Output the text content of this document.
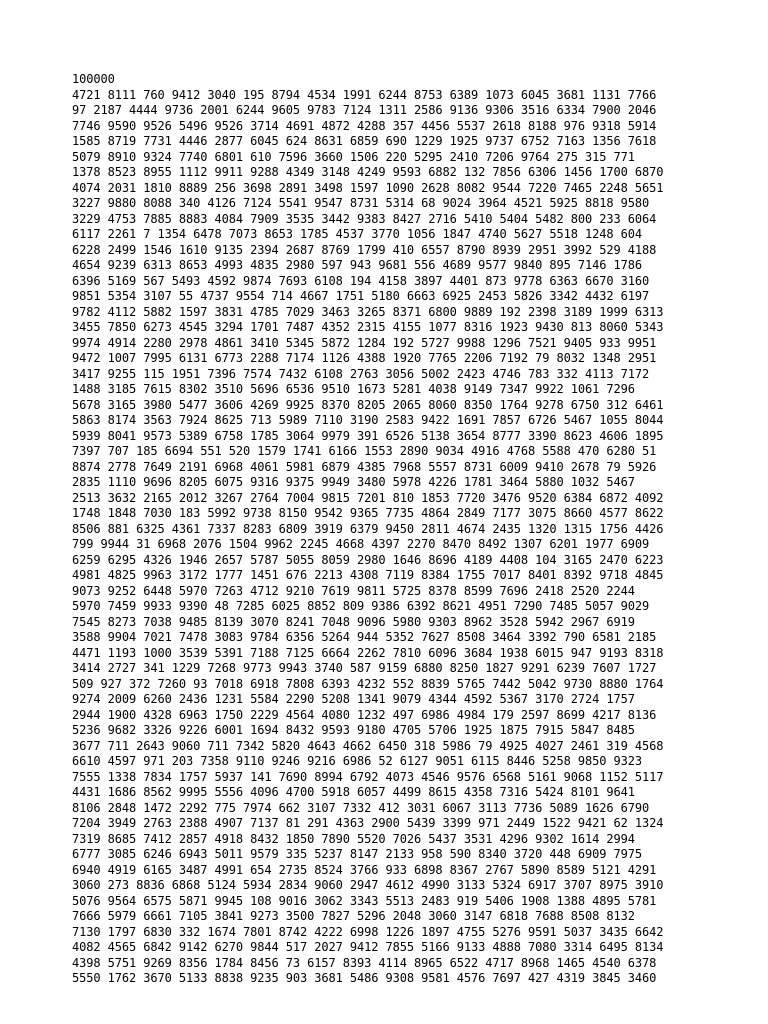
100000
4721 8111 760 9412 3040 195 8794 4534 1991 6244 8753 6389 1073 6045 3681 1131 7766
97 2187 4444 9736 2001 6244 9605 9783 7124 1311 2586 9136 9306 3516 6334 7900 2046
7746 9590 9526 5496 9526 3714 4691 4872 4288 357 4456 5537 2618 8188 976 9318 5914
1585 8719 7731 4446 2877 6045 624 8631 6859 690 1229 1925 9737 6752 7163 1356 7618
5079 8910 9324 7740 6801 610 7596 3660 1506 220 5295 2410 7206 9764 275 315 771
1378 8523 8955 1112 9911 9288 4349 3148 4249 9593 6882 132 7856 6306 1456 1700 6870
4074 2031 1810 8889 256 3698 2891 3498 1597 1090 2628 8082 9544 7220 7465 2248 5651
3227 9880 8088 340 4126 7124 5541 9547 8731 5314 68 9024 3964 4521 5925 8818 9580
3229 4753 7885 8883 4084 7909 3535 3442 9383 8427 2716 5410 5404 5482 800 233 6064
6117 2261 7 1354 6478 7073 8653 1785 4537 3770 1056 1847 4740 5627 5518 1248 604
6228 2499 1546 1610 9135 2394 2687 8769 1799 410 6557 8790 8939 2951 3992 529 4188
4654 9239 6313 8653 4993 4835 2980 597 943 9681 556 4689 9577 9840 895 7146 1786
6396 5169 567 5493 4592 9874 7693 6108 194 4158 3897 4401 873 9778 6363 6670 3160
9851 5354 3107 55 4737 9554 714 4667 1751 5180 6663 6925 2453 5826 3342 4432 6197
9782 4112 5882 1597 3831 4785 7029 3463 3265 8371 6800 9889 192 2398 3189 1999 6313
3455 7850 6273 4545 3294 1701 7487 4352 2315 4155 1077 8316 1923 9430 813 8060 5343
9974 4914 2280 2978 4861 3410 5345 5872 1284 192 5727 9988 1296 7521 9405 933 9951
9472 1007 7995 6131 6773 2288 7174 1126 4388 1920 7765 2206 7192 79 8032 1348 2951
3417 9255 115 1951 7396 7574 7432 6108 2763 3056 5002 2423 4746 783 332 4113 7172
1488 3185 7615 8302 3510 5696 6536 9510 1673 5281 4038 9149 7347 9922 1061 7296
5678 3165 3980 5477 3606 4269 9925 8370 8205 2065 8060 8350 1764 9278 6750 312 6461
5863 8174 3563 7924 8625 713 5989 7110 3190 2583 9422 1691 7857 6726 5467 1055 8044
5939 8041 9573 5389 6758 1785 3064 9979 391 6526 5138 3654 8777 3390 8623 4606 1895
7397 707 185 6694 551 520 1579 1741 6166 1553 2890 9034 4916 4768 5588 470 6280 51
8874 2778 7649 2191 6968 4061 5981 6879 4385 7968 5557 8731 6009 9410 2678 79 5926
2835 1110 9696 8205 6075 9316 9375 9949 3480 5978 4226 1781 3464 5880 1032 5467
2513 3632 2165 2012 3267 2764 7004 9815 7201 810 1853 7720 3476 9520 6384 6872 4092
1748 1848 7030 183 5992 9738 8150 9542 9365 7735 4864 2849 7177 3075 8660 4577 8622
8506 881 6325 4361 7337 8283 6809 3919 6379 9450 2811 4674 2435 1320 1315 1756 4426
799 9944 31 6968 2076 1504 9962 2245 4668 4397 2270 8470 8492 1307 6201 1977 6909
6259 6295 4326 1946 2657 5787 5055 8059 2980 1646 8696 4189 4408 104 3165 2470 6223
4981 4825 9963 3172 1777 1451 676 2213 4308 7119 8384 1755 7017 8401 8392 9718 4845
9073 9252 6448 5970 7263 4712 9210 7619 9811 5725 8378 8599 7696 2418 2520 2244
5970 7459 9933 9390 48 7285 6025 8852 809 9386 6392 8621 4951 7290 7485 5057 9029
7545 8273 7038 9485 8139 3070 8241 7048 9096 5980 9303 8962 3528 5942 2967 6919
3588 9904 7021 7478 3083 9784 6356 5264 944 5352 7627 8508 3464 3392 790 6581 2185
4471 1193 1000 3539 5391 7188 7125 6664 2262 7810 6096 3684 1938 6015 947 9193 8318
3414 2727 341 1229 7268 9773 9943 3740 587 9159 6880 8250 1827 9291 6239 7607 1727
509 927 372 7260 93 7018 6918 7808 6393 4232 552 8839 5765 7442 5042 9730 8880 1764
9274 2009 6260 2436 1231 5584 2290 5208 1341 9079 4344 4592 5367 3170 2724 1757
2944 1900 4328 6963 1750 2229 4564 4080 1232 497 6986 4984 179 2597 8699 4217 8136
5236 9682 3326 9226 6001 1694 8432 9593 9180 4705 5706 1925 1875 7915 5847 8485
3677 711 2643 9060 711 7342 5820 4643 4662 6450 318 5986 79 4925 4027 2461 319 4568
6610 4597 971 203 7358 9110 9246 9216 6986 52 6127 9051 6115 8446 5258 9850 9323
7555 1338 7834 1757 5937 141 7690 8994 6792 4073 4546 9576 6568 5161 9068 1152 5117
4431 1686 8562 9995 5556 4096 4700 5918 6057 4499 8615 4358 7316 5424 8101 9641
8106 2848 1472 2292 775 7974 662 3107 7332 412 3031 6067 3113 7736 5089 1626 6790
7204 3949 2763 2388 4907 7137 81 291 4363 2900 5439 3399 971 2449 1522 9421 62 1324
7319 8685 7412 2857 4918 8432 1850 7890 5520 7026 5437 3531 4296 9302 1614 2994
6777 3085 6246 6943 5011 9579 335 5237 8147 2133 958 590 8340 3720 448 6909 7975
6940 4919 6165 3487 4991 654 2735 8524 3766 933 6898 8367 2767 5890 8589 5121 4291
3060 273 8836 6868 5124 5934 2834 9060 2947 4612 4990 3133 5324 6917 3707 8975 3910
5076 9564 6575 5871 9945 108 9016 3062 3343 5513 2483 919 5406 1908 1388 4895 5781
7666 5979 6661 7105 3841 9273 3500 7827 5296 2048 3060 3147 6818 7688 8508 8132
7130 1797 6830 332 1674 7801 8742 4222 6998 1226 1897 4755 5276 9591 5037 3435 6642
4082 4565 6842 9142 6270 9844 517 2027 9412 7855 5166 9133 4888 7080 3314 6495 8134
4398 5751 9269 8356 1784 8456 73 6157 8393 4114 8965 6522 4717 8968 1465 4540 6378
5550 1762 3670 5133 8838 9235 903 3681 5486 9308 9581 4576 7697 427 4319 3845 3460
